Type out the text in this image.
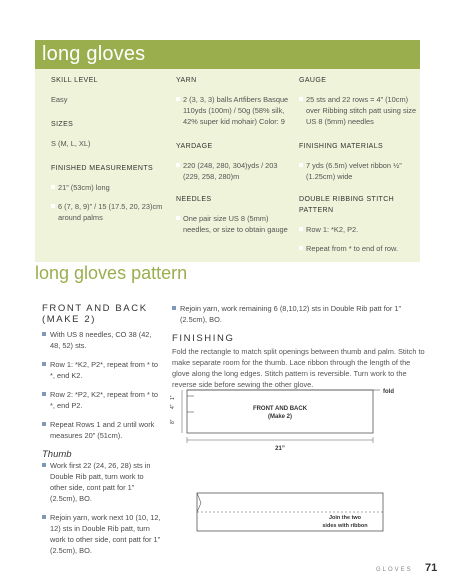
long gloves
SKILL LEVEL
Easy
SIZES
S (M, L, XL)
FINISHED MEASUREMENTS
21” (53cm) long
6 (7, 8, 9)” / 15 (17.5, 20, 23)cm around palms
YARN
2 (3, 3, 3) balls Artfibers Basque 110yds (100m) / 50g (58% silk, 42% super kid mohair) Color: 9
YARDAGE
220 (248, 280, 304)yds / 203 (229, 258, 280)m
NEEDLES
One pair size US 8 (5mm) needles, or size to obtain gauge
GAUGE
25 sts and 22 rows = 4” (10cm) over Ribbing stitch patt using size US 8 (5mm) needles
FINISHING MATERIALS
7 yds (6.5m) velvet ribbon ½” (1.25cm) wide
DOUBLE RIBBING STITCH PATTERN
Row 1: *K2, P2.
Repeat from * to end of row.
long gloves pattern
FRONT AND BACK (MAKE 2)
With US 8 needles, CO 38 (42, 48, 52) sts.
Row 1: *K2, P2*, repeat from * to *, end K2.
Row 2: *P2, K2*, repeat from * to *, end P2.
Repeat Rows 1 and 2 until work measures 20” (51cm).
Thumb
Work first 22 (24, 26, 28) sts in Double Rib patt, turn work to other side, cont patt for 1” (2.5cm), BO.
Rejoin yarn, work next 10 (10, 12, 12) sts in Double Rib patt, turn work to other side, cont patt for 1” (2.5cm), BO.
Rejoin yarn, work remaining 6 (8,10,12) sts in Double Rib patt for 1” (2.5cm), BO.
FINISHING
Fold the rectangle to match split openings between thumb and palm. Stitch to make separate room for the thumb. Lace ribbon through the length of the glove along the long edges. Stitch pattern is reversible. Turn work to the reverse side before sewing the other glove.
FRONT AND BACK
(Make 2)
fold
21”
1”
4”
8”
Join the two
sides with ribbon
GLOVES 71
